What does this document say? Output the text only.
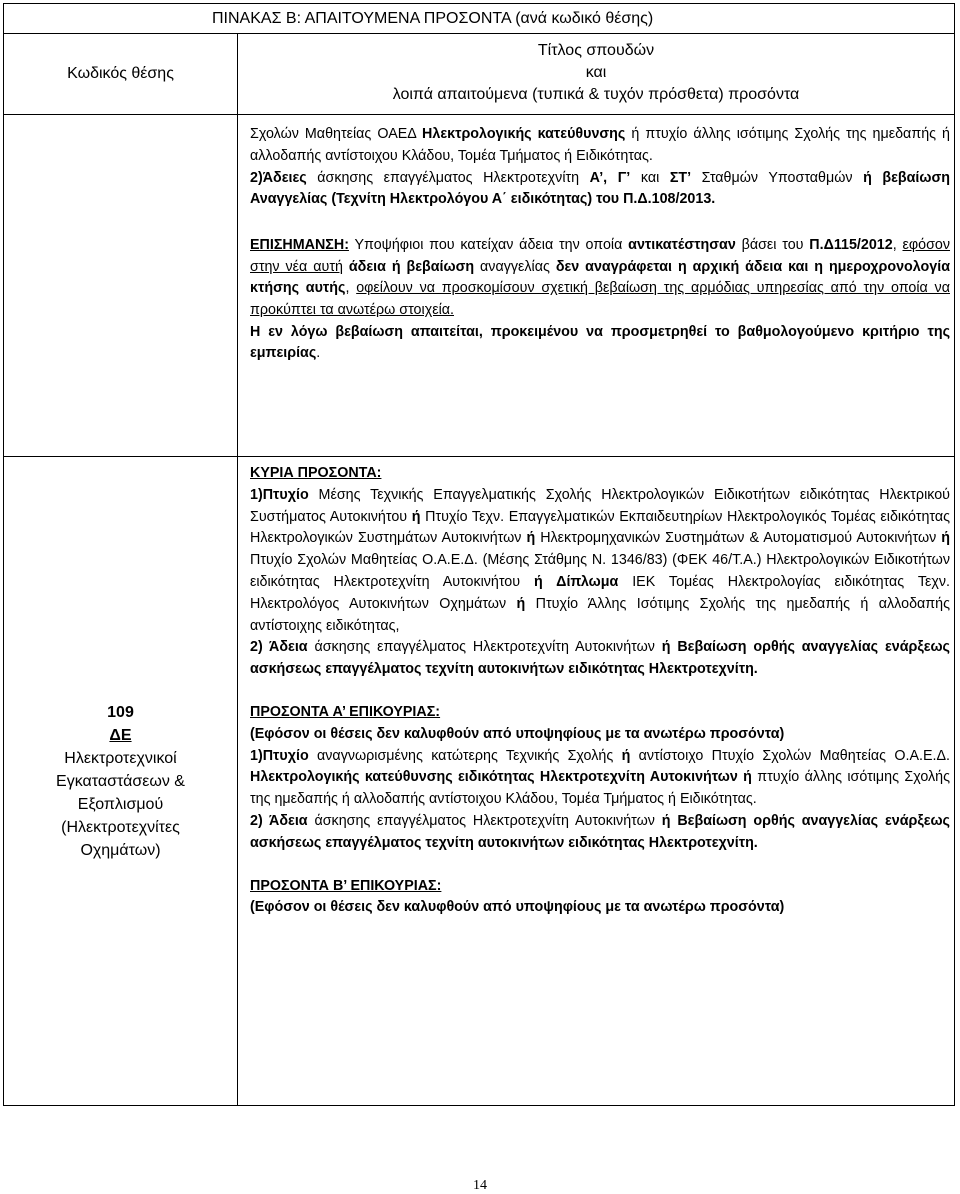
ΠΙΝΑΚΑΣ Β: ΑΠΑΙΤΟΥΜΕΝΑ ΠΡΟΣΟΝΤΑ (ανά κωδικό θέσης)
Κωδικός θέσης
Τίτλος σπουδών
και
λοιπά απαιτούμενα (τυπικά & τυχόν πρόσθετα) προσόντα

Σχολών Μαθητείας ΟΑΕΔ Ηλεκτρολογικής κατεύθυνσης ή πτυχίο άλλης ισότιμης Σχολής της ημεδαπής ή αλλοδαπής αντίστοιχου Κλάδου, Τομέα Τμήματος ή Ειδικότητας.

2)Άδειες άσκησης επαγγέλματος Ηλεκτροτεχνίτη Α’, Γ’ και ΣΤ’ Σταθμών Υποσταθμών ή βεβαίωση Αναγγελίας (Τεχνίτη Ηλεκτρολόγου Α΄ ειδικότητας) του Π.Δ.108/2013.

ΕΠΙΣΗΜΑΝΣΗ: Υποψήφιοι που κατείχαν άδεια την οποία αντικατέστησαν βάσει του Π.Δ115/2012, εφόσον στην νέα αυτή άδεια ή βεβαίωση αναγγελίας δεν αναγράφεται η αρχική άδεια και η ημεροχρονολογία κτήσης αυτής, οφείλουν να προσκομίσουν σχετική βεβαίωση της αρμόδιας υπηρεσίας από την οποία να προκύπτει τα ανωτέρω στοιχεία.
Η εν λόγω βεβαίωση απαιτείται, προκειμένου να προσμετρηθεί το βαθμολογούμενο κριτήριο της εμπειρίας.

109
ΔΕ
Ηλεκτροτεχνικοί
Εγκαταστάσεων &
Εξοπλισμού
(Ηλεκτροτεχνίτες
Οχημάτων)

ΚΥΡΙΑ ΠΡΟΣΟΝΤΑ:

1)Πτυχίο Μέσης Τεχνικής Επαγγελματικής Σχολής Ηλεκτρολογικών Ειδικοτήτων ειδικότητας Ηλεκτρικού Συστήματος Αυτοκινήτου ή Πτυχίο Τεχν. Επαγγελματικών Εκπαιδευτηρίων Ηλεκτρολογικός Τομέας ειδικότητας Ηλεκτρολογικών Συστημάτων Αυτοκινήτων ή Ηλεκτρομηχανικών Συστημάτων & Αυτοματισμού Αυτοκινήτων ή Πτυχίο Σχολών Μαθητείας Ο.Α.Ε.Δ. (Μέσης Στάθμης Ν. 1346/83) (ΦΕΚ 46/Τ.Α.) Ηλεκτρολογικών Ειδικοτήτων ειδικότητας Ηλεκτροτεχνίτη Αυτοκινήτου ή Δίπλωμα ΙΕΚ Τομέας Ηλεκτρολογίας ειδικότητας Τεχν. Ηλεκτρολόγος Αυτοκινήτων Οχημάτων ή Πτυχίο Άλλης Ισότιμης Σχολής της ημεδαπής ή αλλοδαπής αντίστοιχης ειδικότητας,

2) Άδεια άσκησης επαγγέλματος Ηλεκτροτεχνίτη Αυτοκινήτων ή Βεβαίωση ορθής αναγγελίας ενάρξεως ασκήσεως επαγγέλματος τεχνίτη αυτοκινήτων ειδικότητας Ηλεκτροτεχνίτη.

ΠΡΟΣΟΝΤΑ Α’ ΕΠΙΚΟΥΡΙΑΣ:

(Εφόσον οι θέσεις δεν καλυφθούν από υποψηφίους με τα ανωτέρω προσόντα)

1)Πτυχίο αναγνωρισμένης κατώτερης Τεχνικής Σχολής ή αντίστοιχο Πτυχίο Σχολών Μαθητείας Ο.Α.Ε.Δ. Ηλεκτρολογικής κατεύθυνσης ειδικότητας Ηλεκτροτεχνίτη Αυτοκινήτων ή πτυχίο άλλης ισότιμης Σχολής της ημεδαπής ή αλλοδαπής αντίστοιχου Κλάδου, Τομέα Τμήματος ή Ειδικότητας.

2) Άδεια άσκησης επαγγέλματος Ηλεκτροτεχνίτη Αυτοκινήτων ή Βεβαίωση ορθής αναγγελίας ενάρξεως ασκήσεως επαγγέλματος τεχνίτη αυτοκινήτων ειδικότητας Ηλεκτροτεχνίτη.

ΠΡΟΣΟΝΤΑ Β’ ΕΠΙΚΟΥΡΙΑΣ:

(Εφόσον οι θέσεις δεν καλυφθούν από υποψηφίους με τα ανωτέρω προσόντα)

14
